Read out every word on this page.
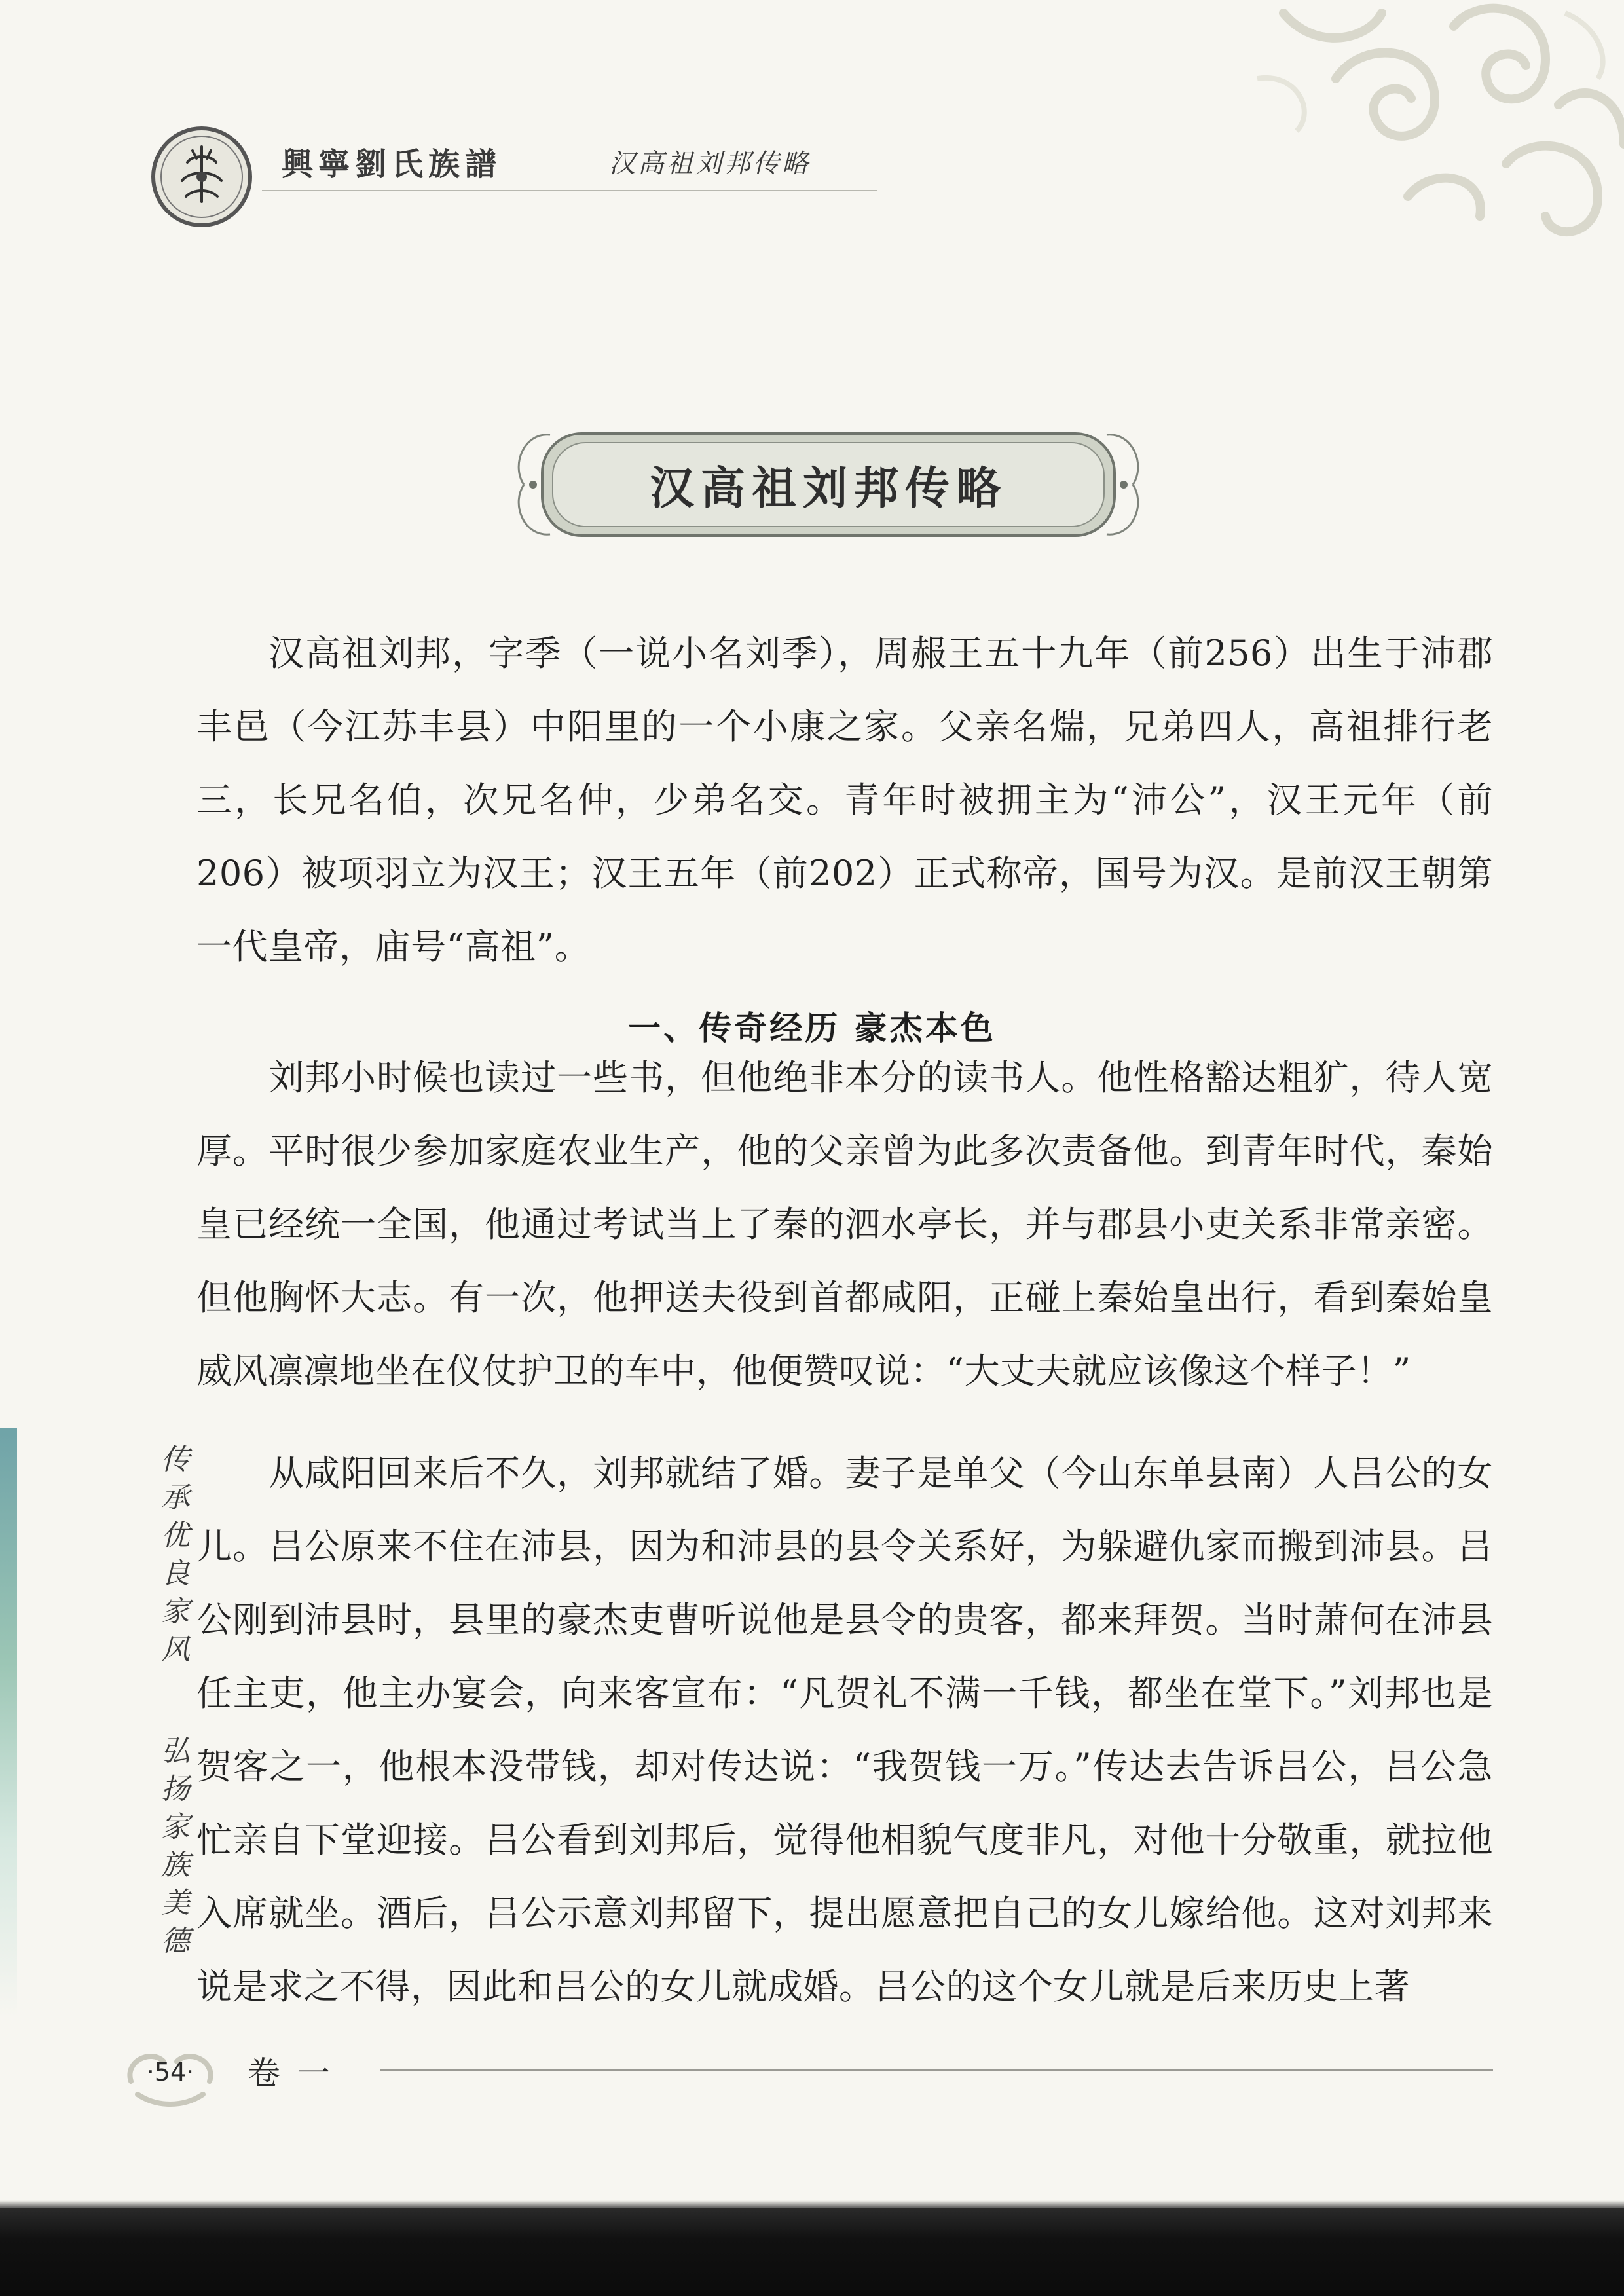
興寧劉氏族譜	汉高祖刘邦传略
汉高祖刘邦传略

汉高祖刘邦，字季（一说小名刘季），周赧王五十九年（前256）出生于沛郡丰邑（今江苏丰县）中阳里的一个小康之家。父亲名煓，兄弟四人，高祖排行老三，长兄名伯，次兄名仲，少弟名交。青年时被拥主为“沛公”，汉王元年（前206）被项羽立为汉王；汉王五年（前202）正式称帝，国号为汉。是前汉王朝第一代皇帝，庙号“高祖”。

一、传奇经历 豪杰本色

刘邦小时候也读过一些书，但他绝非本分的读书人。他性格豁达粗犷，待人宽厚。平时很少参加家庭农业生产，他的父亲曾为此多次责备他。到青年时代，秦始皇已经统一全国，他通过考试当上了秦的泗水亭长，并与郡县小吏关系非常亲密。但他胸怀大志。有一次，他押送夫役到首都咸阳，正碰上秦始皇出行，看到秦始皇威风凛凛地坐在仪仗护卫的车中，他便赞叹说：“大丈夫就应该像这个样子！”

从咸阳回来后不久，刘邦就结了婚。妻子是单父（今山东单县南）人吕公的女儿。吕公原来不住在沛县，因为和沛县的县令关系好，为躲避仇家而搬到沛县。吕公刚到沛县时，县里的豪杰吏曹听说他是县令的贵客，都来拜贺。当时萧何在沛县任主吏，他主办宴会，向来客宣布：“凡贺礼不满一千钱，都坐在堂下。”刘邦也是贺客之一，他根本没带钱，却对传达说：“我贺钱一万。”传达去告诉吕公，吕公急忙亲自下堂迎接。吕公看到刘邦后，觉得他相貌气度非凡，对他十分敬重，就拉他入席就坐。酒后，吕公示意刘邦留下，提出愿意把自己的女儿嫁给他。这对刘邦来说是求之不得，因此和吕公的女儿就成婚。吕公的这个女儿就是后来历史上著

传承优良家风
弘扬家族美德
·54·	卷一
